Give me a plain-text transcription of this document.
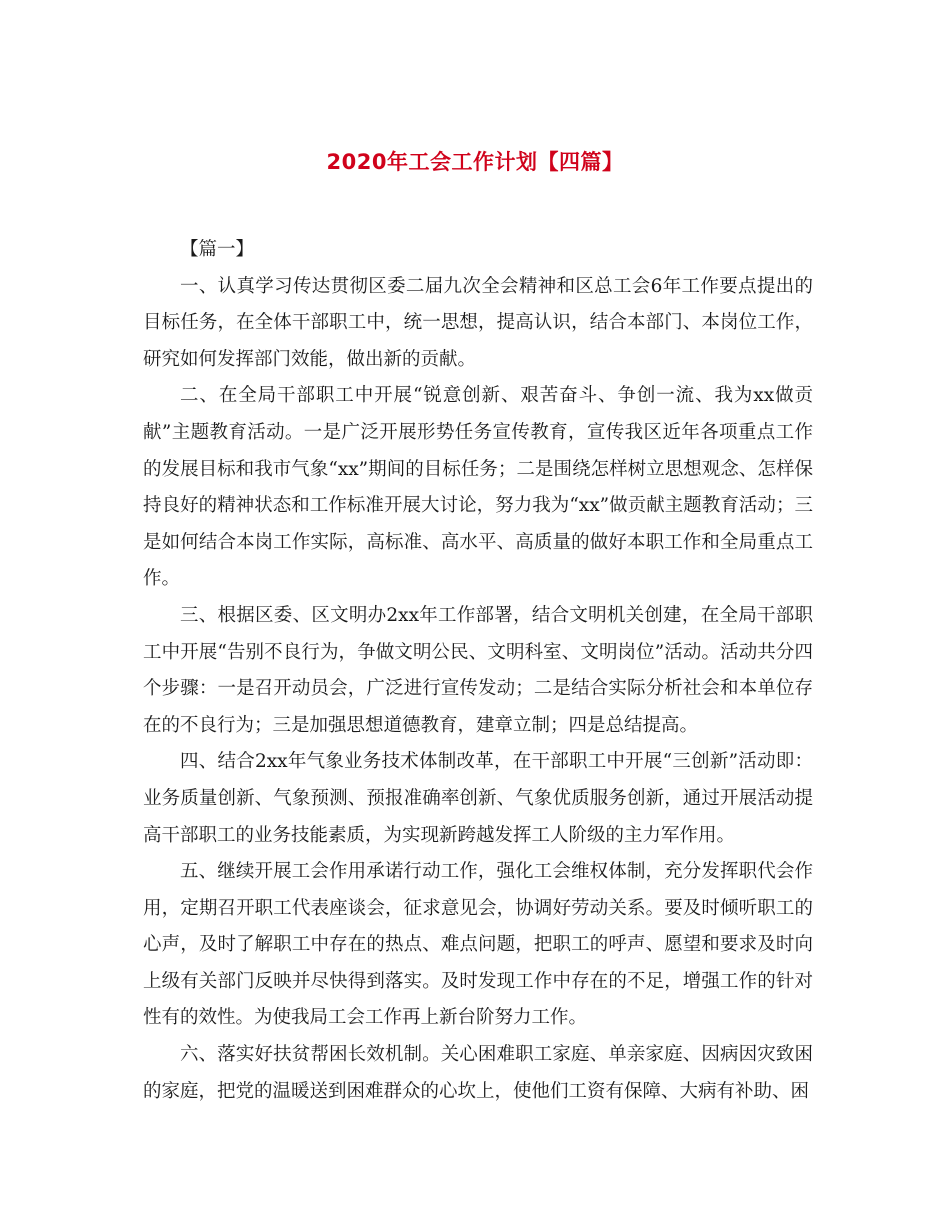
2020年工会工作计划【四篇】

【篇一】

一、认真学习传达贯彻区委二届九次全会精神和区总工会6年工作要点提出的目标任务，在全体干部职工中，统一思想，提高认识，结合本部门、本岗位工作，研究如何发挥部门效能，做出新的贡献。

二、在全局干部职工中开展“锐意创新、艰苦奋斗、争创一流、我为xx做贡献”主题教育活动。一是广泛开展形势任务宣传教育，宣传我区近年各项重点工作的发展目标和我市气象“xx”期间的目标任务；二是围绕怎样树立思想观念、怎样保持良好的精神状态和工作标准开展大讨论，努力我为“xx”做贡献主题教育活动；三是如何结合本岗工作实际，高标准、高水平、高质量的做好本职工作和全局重点工作。

三、根据区委、区文明办2xx年工作部署，结合文明机关创建，在全局干部职工中开展“告别不良行为，争做文明公民、文明科室、文明岗位”活动。活动共分四个步骤：一是召开动员会，广泛进行宣传发动；二是结合实际分析社会和本单位存在的不良行为；三是加强思想道德教育，建章立制；四是总结提高。

四、结合2xx年气象业务技术体制改革，在干部职工中开展“三创新”活动即：业务质量创新、气象预测、预报准确率创新、气象优质服务创新，通过开展活动提高干部职工的业务技能素质，为实现新跨越发挥工人阶级的主力军作用。

五、继续开展工会作用承诺行动工作，强化工会维权体制，充分发挥职代会作用，定期召开职工代表座谈会，征求意见会，协调好劳动关系。要及时倾听职工的心声，及时了解职工中存在的热点、难点问题，把职工的呼声、愿望和要求及时向上级有关部门反映并尽快得到落实。及时发现工作中存在的不足，增强工作的针对性有的效性。为使我局工会工作再上新台阶努力工作。

六、落实好扶贫帮困长效机制。关心困难职工家庭、单亲家庭、因病因灾致困的家庭，把党的温暖送到困难群众的心坎上，使他们工资有保障、大病有补助、困
